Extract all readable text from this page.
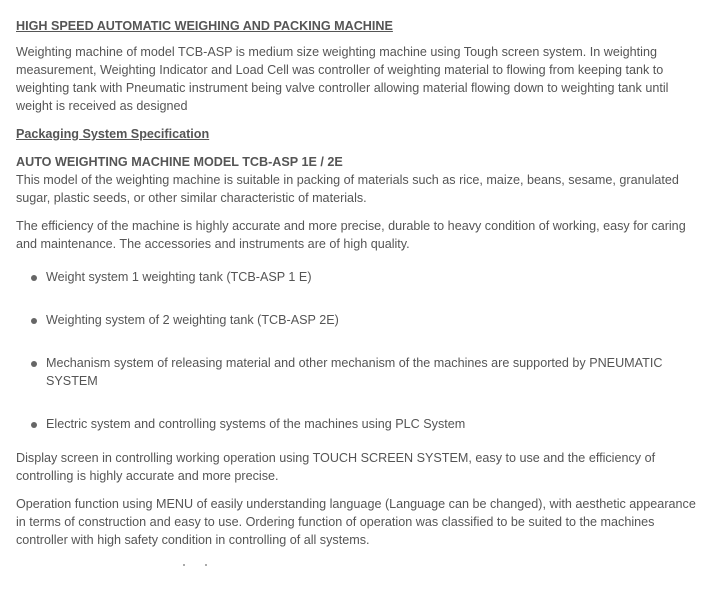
HIGH SPEED AUTOMATIC WEIGHING AND PACKING MACHINE

Weighting machine of model TCB-ASP is medium size weighting machine using Tough screen system. In weighting measurement, Weighting Indicator and Load Cell was controller of weighting material to flowing from keeping tank to weighting tank with Pneumatic instrument being valve controller allowing material flowing down to weighting tank until weight is received as designed

Packaging System Specification
AUTO WEIGHTING MACHINE MODEL TCB-ASP 1E / 2E

This model of the weighting machine is suitable in packing of materials such as rice, maize, beans, sesame, granulated sugar, plastic seeds, or other similar characteristic of materials.

The efficiency of the machine is highly accurate and more precise, durable to heavy condition of working, easy for caring and maintenance. The accessories and instruments are of high quality.

Weight system 1 weighting tank (TCB-ASP 1 E)
Weighting system of 2 weighting tank (TCB-ASP 2E)
Mechanism system of releasing material and other mechanism of the machines are supported by PNEUMATIC SYSTEM
Electric system and controlling systems of the machines using PLC System

Display screen in controlling working operation using TOUCH SCREEN SYSTEM, easy to use and the efficiency of controlling is highly accurate and more precise.

Operation function using MENU of easily understanding language (Language can be changed), with aesthetic appearance in terms of construction and easy to use. Ordering function of operation was classified to be suited to the machines controller with high safety condition in controlling of all systems.
